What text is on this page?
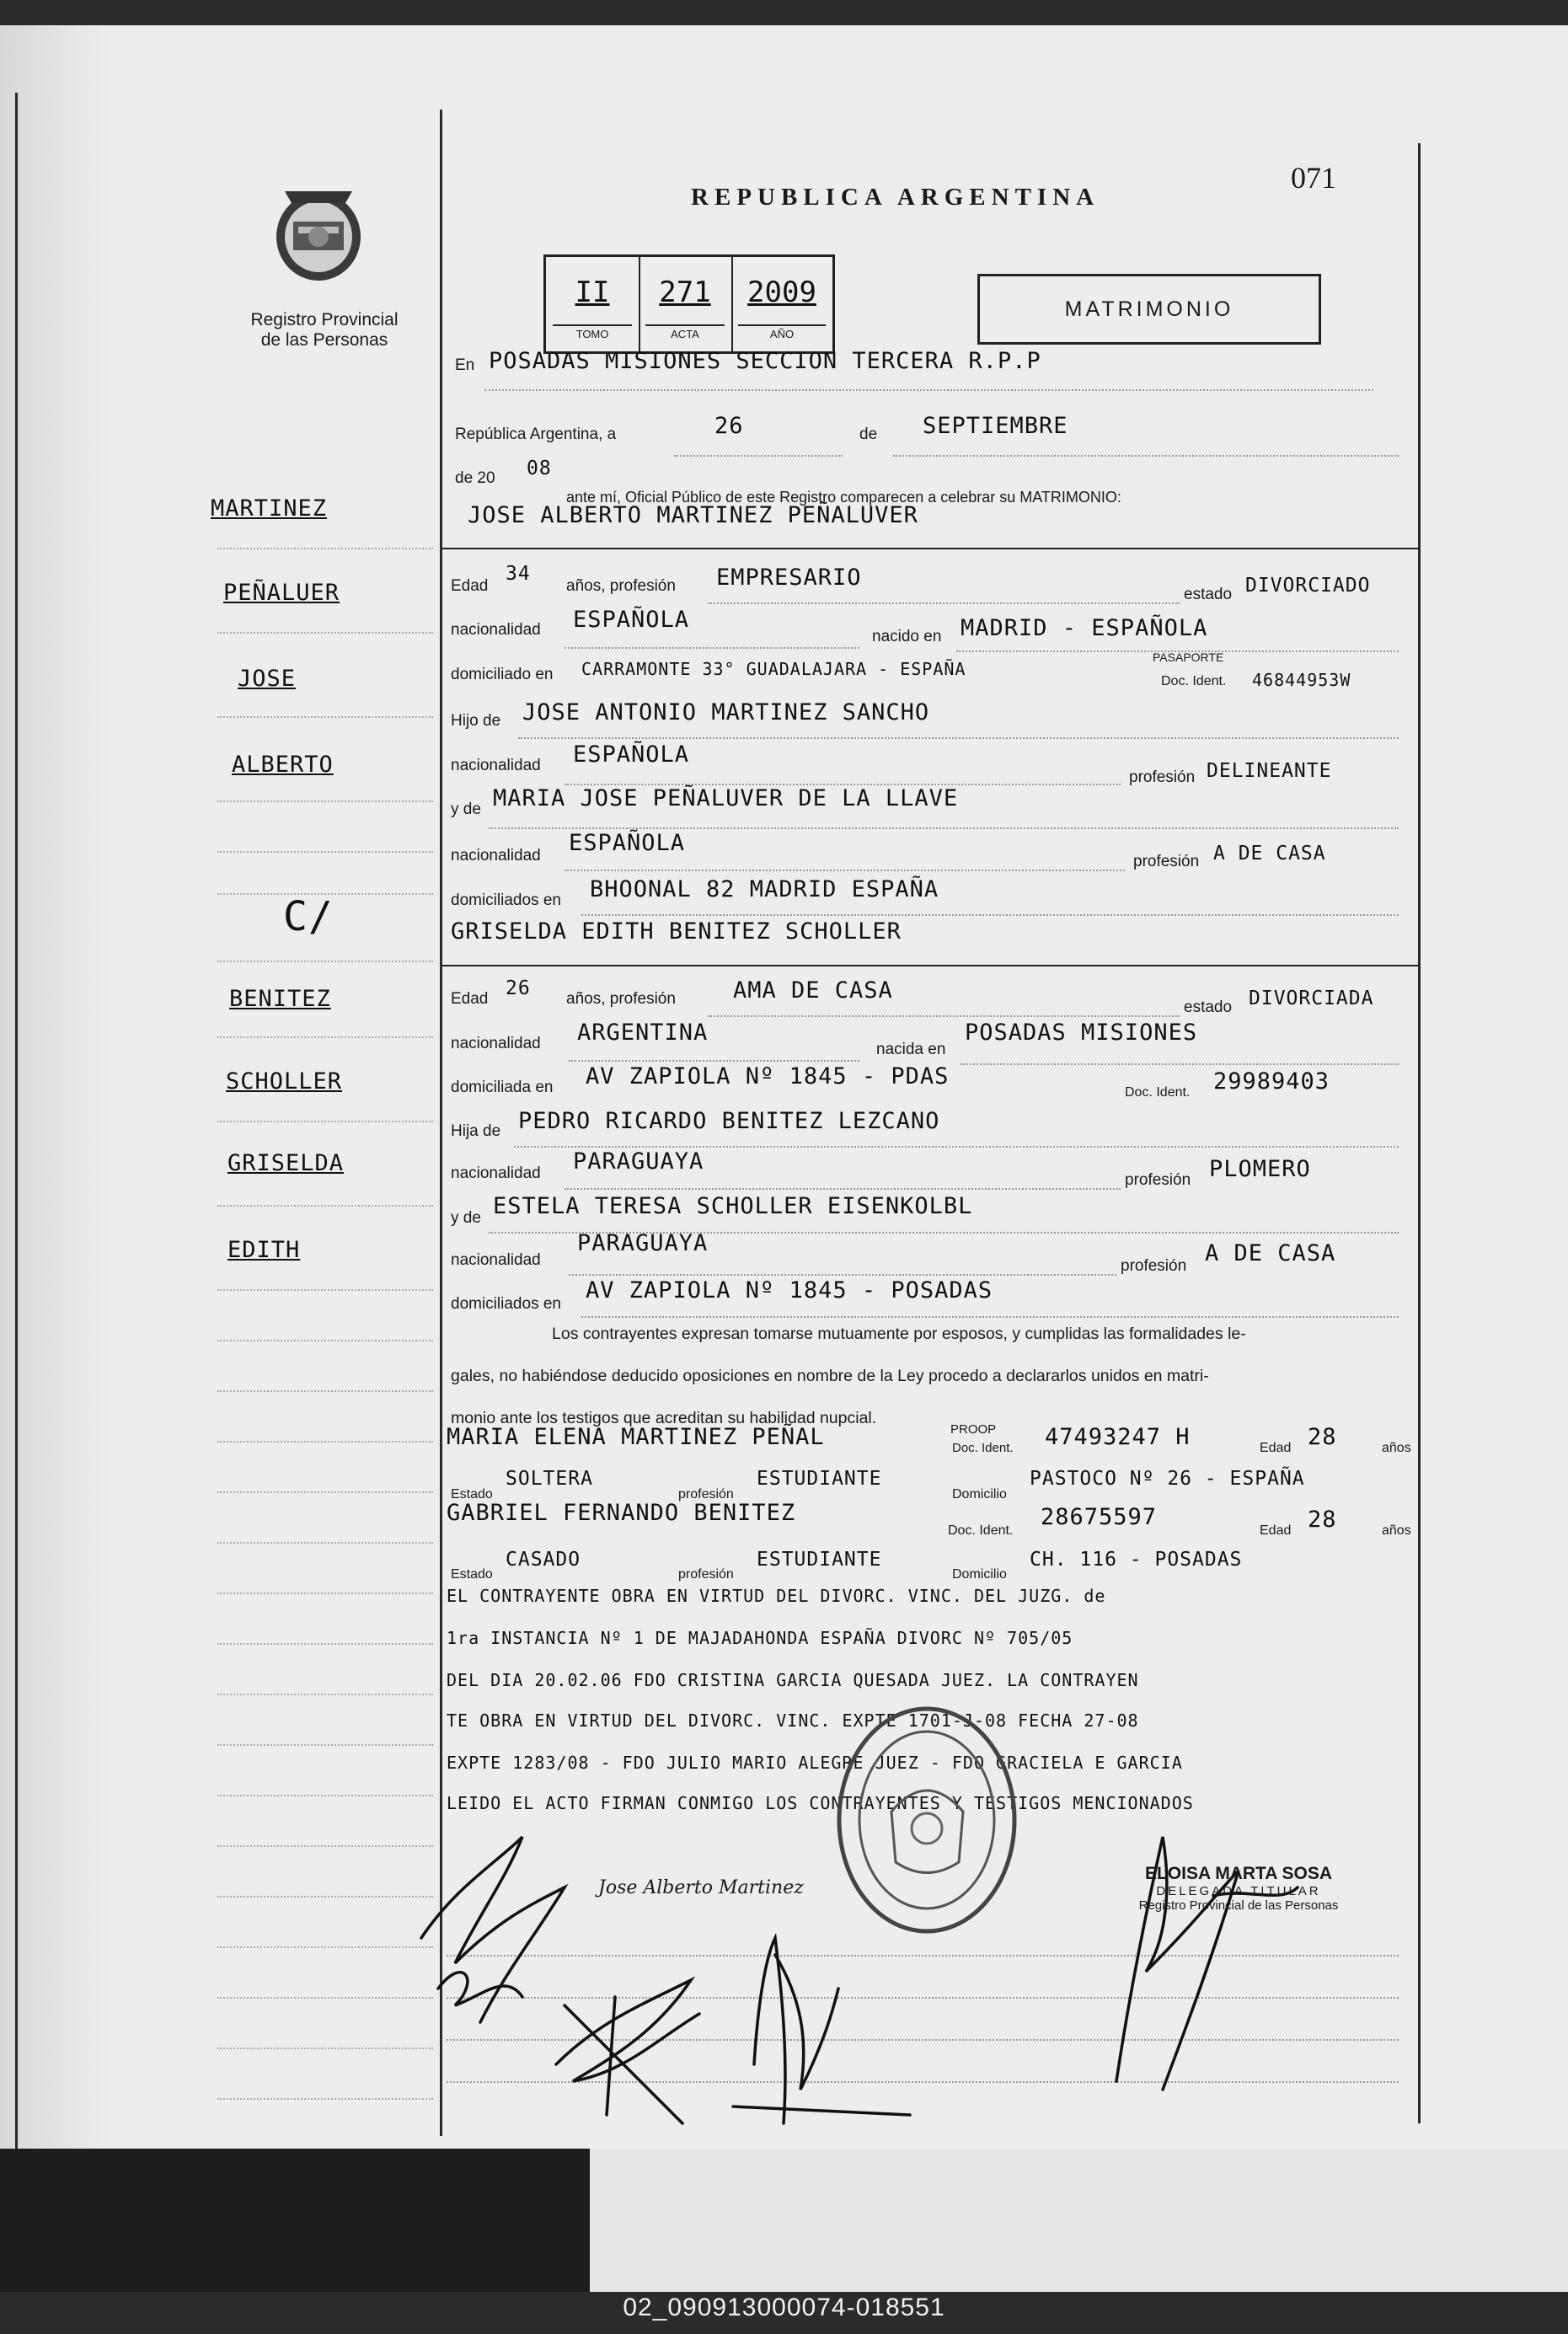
Registro Provincial
de las Personas
REPUBLICA ARGENTINA
071
II
TOMO
271
ACTA
2009
AÑO
MATRIMONIO
En POSADAS MISIONES SECCION TERCERA R.P.P
República Argentina, a	26	de SEPTIEMBRE
de 20 08
ante mí, Oficial Público de este Registro comparecen a celebrar su MATRIMONIO:
JOSE ALBERTO MARTINEZ PEÑALUVER
Edad
34
años, profesión EMPRESARIO
estado DIVORCIADO
nacionalidad ESPAÑOLA
nacido en MADRID - ESPAÑOLA
domiciliado en CARRAMONTE 33° GUADALAJARA - ESPAÑA
PASAPORTE
Doc. Ident. 46844953W
Hijo de JOSE ANTONIO MARTINEZ SANCHO
nacionalidad ESPAÑOLA
profesión DELINEANTE
y de MARIA JOSE PEÑALUVER DE LA LLAVE
nacionalidad ESPAÑOLA
profesión A DE CASA
domiciliados en BHOONAL 82 MADRID ESPAÑA
GRISELDA EDITH BENITEZ SCHOLLER
Edad 26 años, profesión	AMA DE CASA
estado DIVORCIADA
nacionalidad ARGENTINA
nacida en
POSADAS MISIONES
domiciliada en AV ZAPIOLA Nº 1845 - PDAS
Doc. Ident. 29989403
Hija de PEDRO RICARDO BENITEZ LEZCANO
nacionalidad PARAGUAYA
profesión PLOMERO
y de ESTELA TERESA SCHOLLER EISENKOLBL
nacionalidad
PARAGUAYA
profesión A DE CASA
domiciliados en
AV ZAPIOLA Nº 1845 - POSADAS
Los contrayentes expresan tomarse mutuamente por esposos, y cumplidas las formalidades le-
gales, no habiéndose deducido oposiciones en nombre de la Ley procedo a declararlos unidos en matri-
monio ante los testigos que acreditan su habilidad nupcial.
MARIA ELENA MARTINEZ PEÑAL	PROOP
Doc. Ident. 47493247 H	Edad 28	años
Estado
SOLTERA
profesión
ESTUDIANTE
Domicilio
PASTOCO Nº 26 - ESPAÑA
GABRIEL FERNANDO BENITEZ
Doc. Ident.
28675597
Edad 28	años
Estado
CASADO
profesión
ESTUDIANTE
Domicilio
CH. 116 - POSADAS
EL CONTRAYENTE OBRA EN VIRTUD DEL DIVORC. VINC. DEL JUZG. de
1ra INSTANCIA Nº 1 DE MAJADAHONDA ESPAÑA DIVORC Nº 705/05
DEL DIA 20.02.06 FDO CRISTINA GARCIA QUESADA JUEZ. LA CONTRAYEN
TE OBRA EN VIRTUD DEL DIVORC. VINC. EXPTE 1701-J-08 FECHA 27-08
EXPTE 1283/08 - FDO JULIO MARIO ALEGRE JUEZ - FDO GRACIELA E GARCIA
LEIDO EL ACTO FIRMAN CONMIGO LOS CONTRAYENTES Y TESTIGOS MENCIONADOS
MARTINEZ
PEÑALUER
JOSE
ALBERTO
C/
BENITEZ
SCHOLLER
GRISELDA
EDITH
Jose Alberto Martinez
ELOISA MARTA SOSA
DELEGADA TITULAR
Registro Provincial de las Personas
02_090913000074-018551
